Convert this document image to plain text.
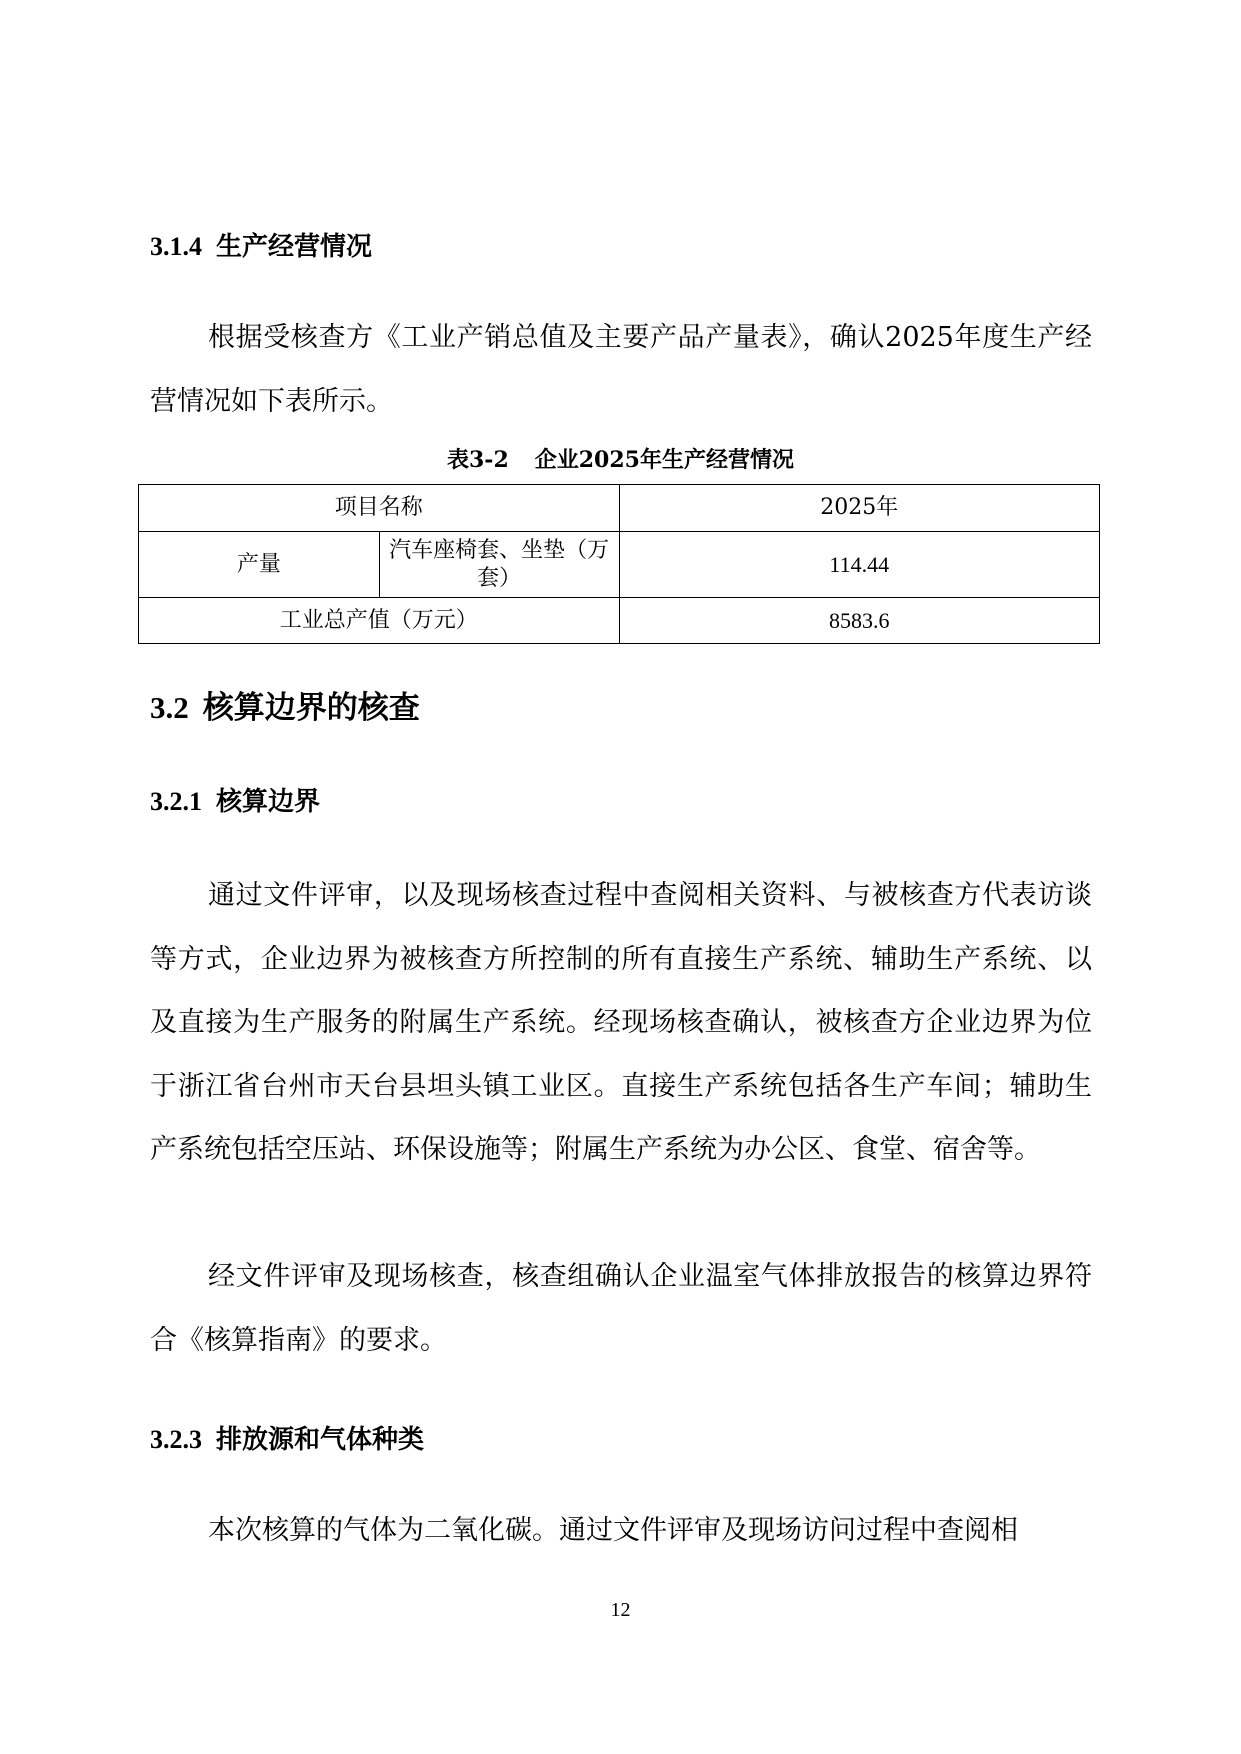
3.1.4 生产经营情况

根据受核查方《工业产销总值及主要产品产量表》，确认2025年度生产经营情况如下表所示。

表3-2 企业2025年生产经营情况
项目名称		2025年
产量	汽车座椅套、坐垫（万套）	114.44
工业总产值（万元）		8583.6
3.2 核算边界的核查
3.2.1 核算边界

通过文件评审，以及现场核查过程中查阅相关资料、与被核查方代表访谈等方式，企业边界为被核查方所控制的所有直接生产系统、辅助生产系统、以及直接为生产服务的附属生产系统。经现场核查确认，被核查方企业边界为位于浙江省台州市天台县坦头镇工业区。直接生产系统包括各生产车间；辅助生产系统包括空压站、环保设施等；附属生产系统为办公区、食堂、宿舍等。

经文件评审及现场核查，核查组确认企业温室气体排放报告的核算边界符合《核算指南》的要求。

3.2.3 排放源和气体种类

本次核算的气体为二氧化碳。通过文件评审及现场访问过程中查阅相

12
